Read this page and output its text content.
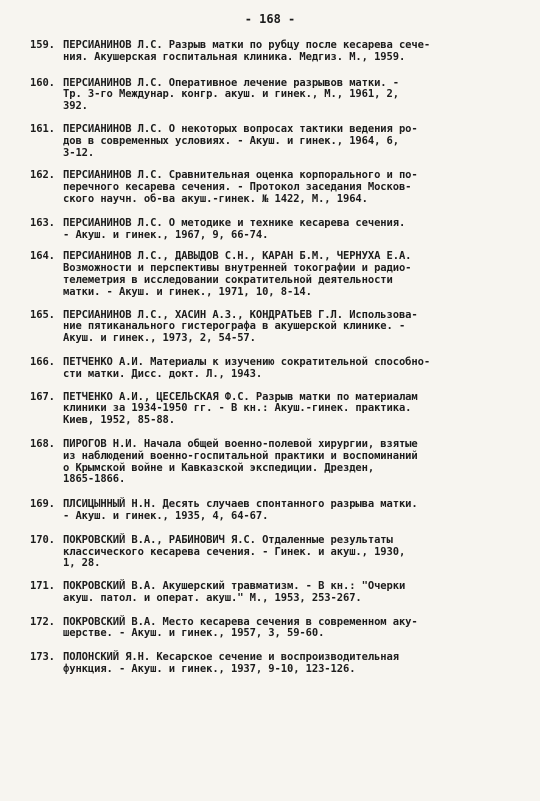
- 168 -
159. ПЕРСИАНИНОВ Л.С. Разрыв матки по рубцу после кесарева сече-
ния. Акушерская госпитальная клиника. Медгиз. М., 1959.
160. ПЕРСИАНИНОВ Л.С. Оперативное лечение разрывов матки. -
Тр. 3-го Междунар. конгр. акуш. и гинек., М., 1961, 2,
392.
161. ПЕРСИАНИНОВ Л.С. О некоторых вопросах тактики ведения ро-
дов в современных условиях. - Акуш. и гинек., 1964, 6,
3-12.
162. ПЕРСИАНИНОВ Л.С. Сравнительная оценка корпорального и по-
перечного кесарева сечения. - Протокол заседания Москов-
ского научн. об-ва акуш.-гинек. № 1422, М., 1964.
163. ПЕРСИАНИНОВ Л.С. О методике и технике кесарева сечения.
- Акуш. и гинек., 1967, 9, 66-74.
164. ПЕРСИАНИНОВ Л.С., ДАВЫДОВ С.Н., КАРАН Б.М., ЧЕРНУХА Е.А.
Возможности и перспективы внутренней токографии и радио-
телеметрия в исследовании сократительной деятельности
матки. - Акуш. и гинек., 1971, 10, 8-14.
165. ПЕРСИАНИНОВ Л.С., ХАСИН А.З., КОНДРАТЬЕВ Г.Л. Использова-
ние пятиканального гистерографа в акушерской клинике. -
Акуш. и гинек., 1973, 2, 54-57.
166. ПЕТЧЕНКО А.И. Материалы к изучению сократительной способно-
сти матки. Дисс. докт. Л., 1943.
167. ПЕТЧЕНКО А.И., ЦЕСЕЛЬСКАЯ Ф.С. Разрыв матки по материалам
клиники за 1934-1950 гг. - В кн.: Акуш.-гинек. практика.
Киев, 1952, 85-88.
168. ПИРОГОВ Н.И. Начала общей военно-полевой хирургии, взятые
из наблюдений военно-госпитальной практики и воспоминаний
о Крымской войне и Кавказской экспедиции. Дрезден,
1865-1866.
169. ПЛСИЦЫННЫЙ Н.Н. Десять случаев спонтанного разрыва матки.
- Акуш. и гинек., 1935, 4, 64-67.
170. ПОКРОВСКИЙ В.А., РАБИНОВИЧ Я.С. Отдаленные результаты
классического кесарева сечения. - Гинек. и акуш., 1930,
1, 28.
171. ПОКРОВСКИЙ В.А. Акушерский травматизм. - В кн.: "Очерки
акуш. патол. и операт. акуш." М., 1953, 253-267.
172. ПОКРОВСКИЙ В.А. Место кесарева сечения в современном аку-
шерстве. - Акуш. и гинек., 1957, 3, 59-60.
173. ПОЛОНСКИЙ Я.Н. Кесарское сечение и воспроизводительная
функция. - Акуш. и гинек., 1937, 9-10, 123-126.
